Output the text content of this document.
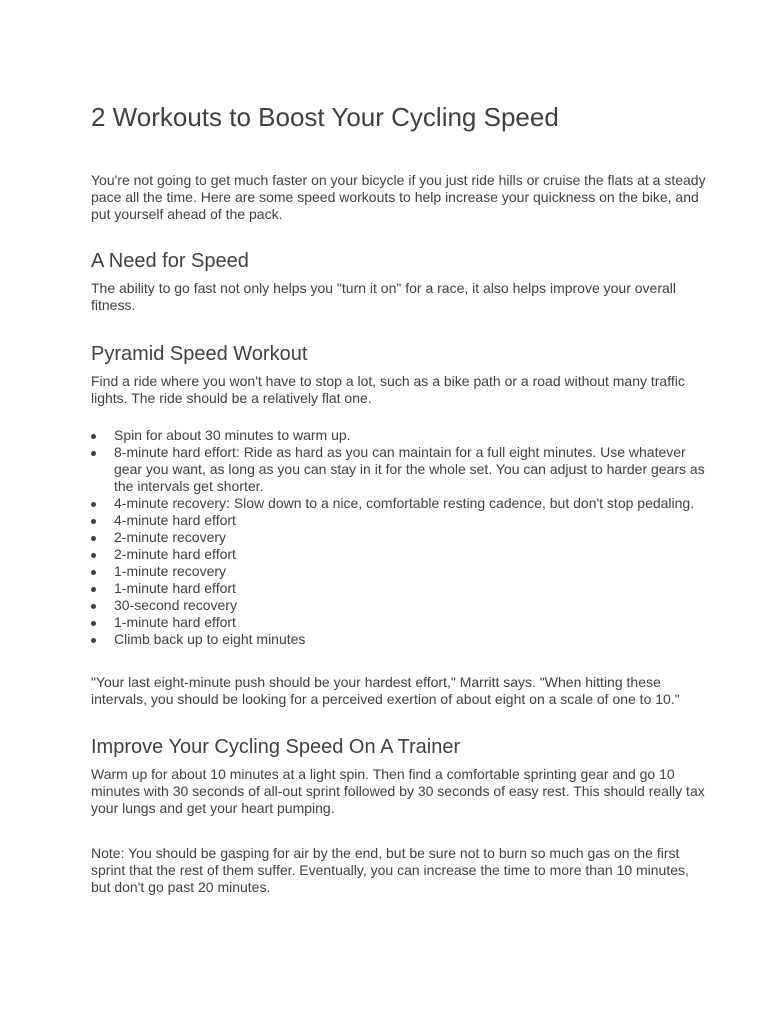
2 Workouts to Boost Your Cycling Speed

You're not going to get much faster on your bicycle if you just ride hills or cruise the flats at a steady pace all the time. Here are some speed workouts to help increase your quickness on the bike, and put yourself ahead of the pack.

A Need for Speed

The ability to go fast not only helps you "turn it on" for a race, it also helps improve your overall fitness.

Pyramid Speed Workout

Find a ride where you won't have to stop a lot, such as a bike path or a road without many traffic lights. The ride should be a relatively flat one.

Spin for about 30 minutes to warm up.
8-minute hard effort: Ride as hard as you can maintain for a full eight minutes. Use whatever gear you want, as long as you can stay in it for the whole set. You can adjust to harder gears as the intervals get shorter.
4-minute recovery: Slow down to a nice, comfortable resting cadence, but don't stop pedaling.
4-minute hard effort
2-minute recovery
2-minute hard effort
1-minute recovery
1-minute hard effort
30-second recovery
1-minute hard effort
Climb back up to eight minutes

"Your last eight-minute push should be your hardest effort," Marritt says. "When hitting these intervals, you should be looking for a perceived exertion of about eight on a scale of one to 10."

Improve Your Cycling Speed On A Trainer

Warm up for about 10 minutes at a light spin. Then find a comfortable sprinting gear and go 10 minutes with 30 seconds of all-out sprint followed by 30 seconds of easy rest. This should really tax your lungs and get your heart pumping.

Note: You should be gasping for air by the end, but be sure not to burn so much gas on the first sprint that the rest of them suffer. Eventually, you can increase the time to more than 10 minutes, but don't go past 20 minutes.
